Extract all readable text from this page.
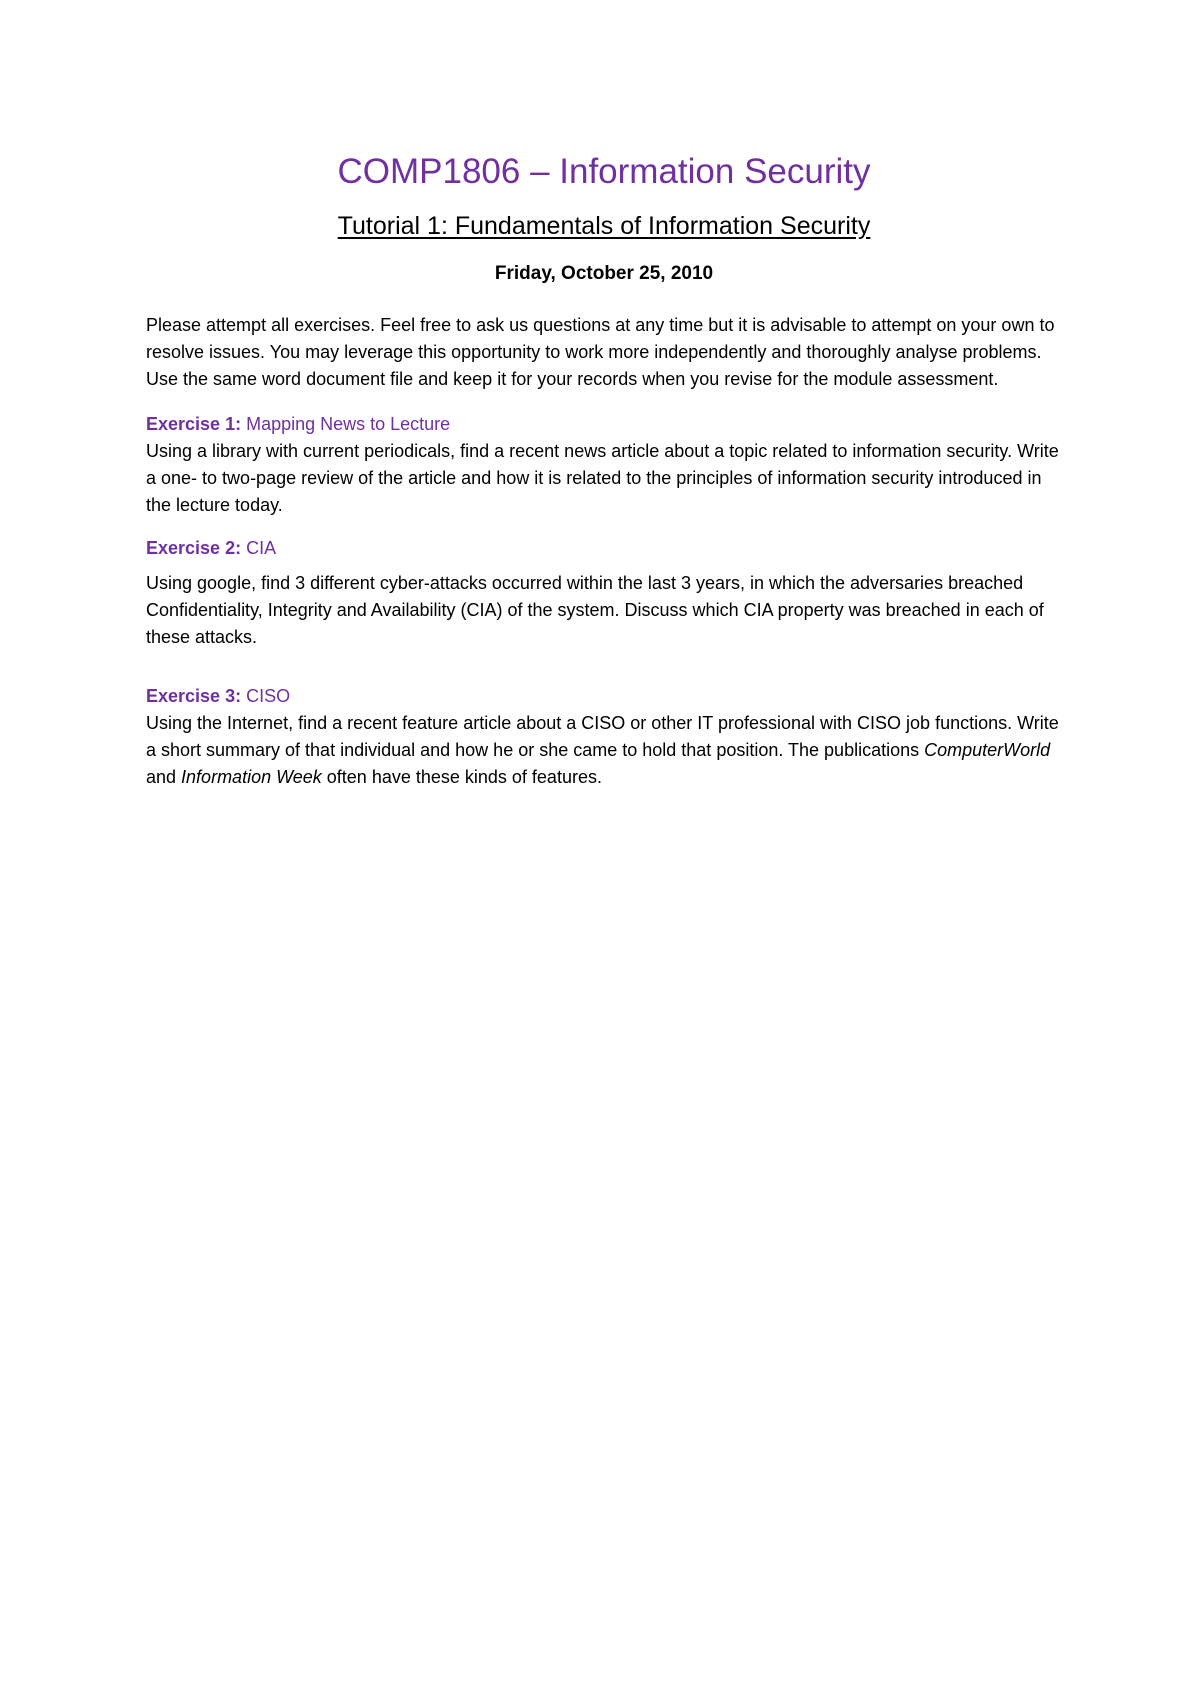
COMP1806 – Information Security
Tutorial 1: Fundamentals of Information Security
Friday, October 25, 2010

Please attempt all exercises. Feel free to ask us questions at any time but it is advisable to attempt on your own to resolve issues. You may leverage this opportunity to work more independently and thoroughly analyse problems. Use the same word document file and keep it for your records when you revise for the module assessment.

Exercise 1: Mapping News to Lecture

Using a library with current periodicals, find a recent news article about a topic related to information security. Write a one- to two-page review of the article and how it is related to the principles of information security introduced in the lecture today.

Exercise 2: CIA

Using google, find 3 different cyber-attacks occurred within the last 3 years, in which the adversaries breached Confidentiality, Integrity and Availability (CIA) of the system. Discuss which CIA property was breached in each of these attacks.

Exercise 3: CISO

Using the Internet, find a recent feature article about a CISO or other IT professional with CISO job functions. Write a short summary of that individual and how he or she came to hold that position. The publications ComputerWorld and Information Week often have these kinds of features.
